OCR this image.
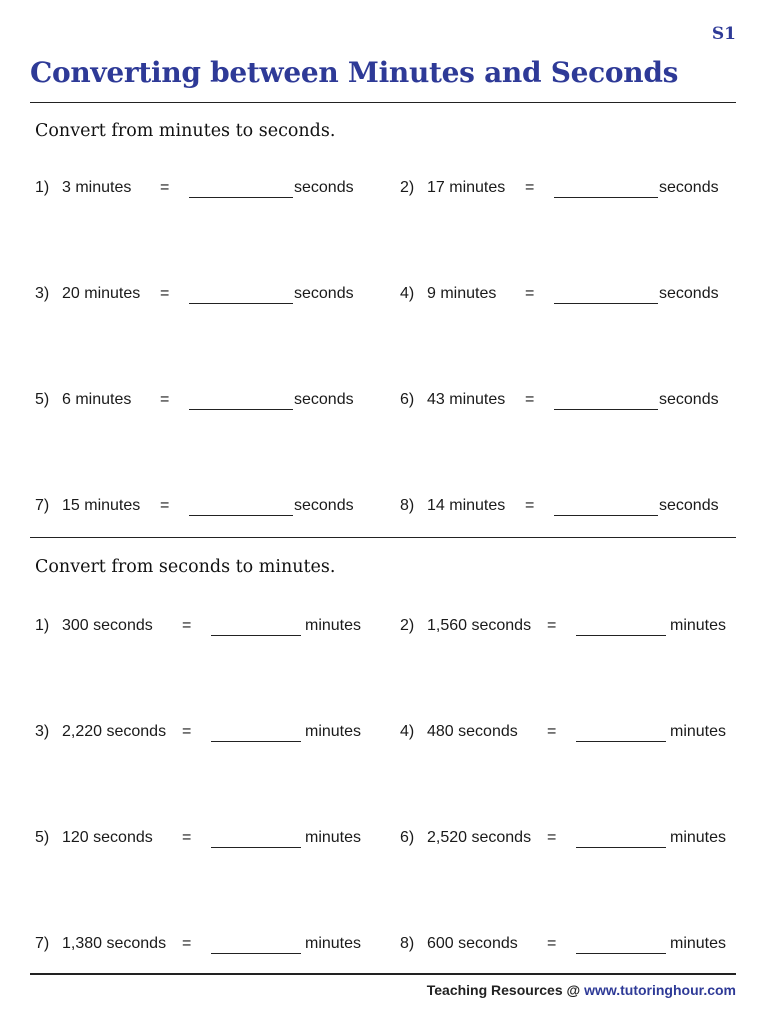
S1
Converting between Minutes and Seconds
Convert from minutes to seconds.
1) 3 minutes =	seconds	2) 17 minutes =	seconds
3) 20 minutes =	seconds	4) 9 minutes =	seconds
5) 6 minutes =	seconds	6) 43 minutes =	seconds
7) 15 minutes =	seconds	8) 14 minutes =	seconds
Convert from seconds to minutes.
1) 300 seconds =	minutes 2) 1,560 seconds =	minutes
3) 2,220 seconds =	minutes 4) 480 seconds =	minutes
5) 120 seconds =	minutes 6) 2,520 seconds =	minutes
7) 1,380 seconds =	minutes 8) 600 seconds =	minutes
Teaching Resources @ www.tutoringhour.com
